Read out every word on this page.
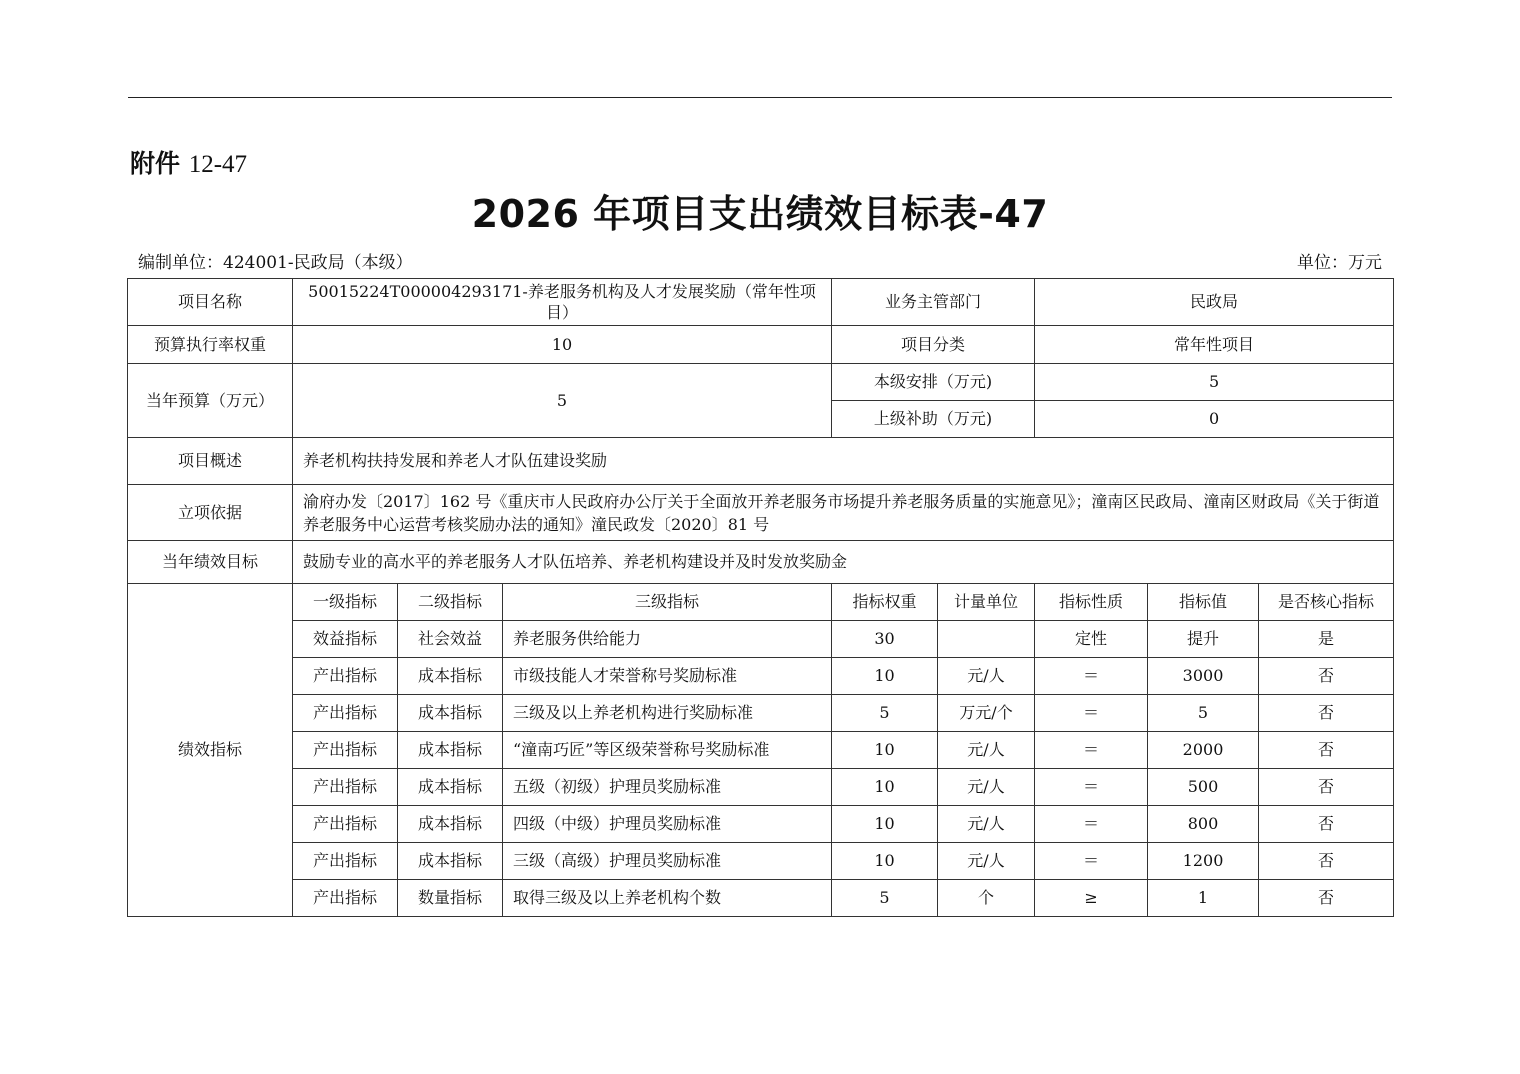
附件 12-47
2026 年项目支出绩效目标表-47
编制单位：424001-民政局（本级）	单位：万元
项目名称	50015224T000004293171-养老服务机构及人才发展奖励（常年性项目）			业务主管部门		民政局		
预算执行率权重	10			项目分类		常年性项目		
当年预算（万元）	5			本级安排（万元)		5		
				上级补助（万元)		0		
项目概述	养老机构扶持发展和养老人才队伍建设奖励							
立项依据	渝府办发〔2017〕162 号《重庆市人民政府办公厅关于全面放开养老服务市场提升养老服务质量的实施意见》；潼南区民政局、潼南区财政局《关于街道养老服务中心运营考核奖励办法的通知》潼民政发〔2020〕81 号							
当年绩效目标	鼓励专业的高水平的养老服务人才队伍培养、养老机构建设并及时发放奖励金							
绩效指标	一级指标	二级指标	三级指标	指标权重	计量单位	指标性质	指标值	是否核心指标
	效益指标	社会效益	养老服务供给能力	30		定性	提升	是
	产出指标	成本指标	市级技能人才荣誉称号奖励标准	10	元/人	＝	3000	否
	产出指标	成本指标	三级及以上养老机构进行奖励标准	5	万元/个	＝	5	否
	产出指标	成本指标	“潼南巧匠”等区级荣誉称号奖励标准	10	元/人	＝	2000	否
	产出指标	成本指标	五级（初级）护理员奖励标准	10	元/人	＝	500	否
	产出指标	成本指标	四级（中级）护理员奖励标准	10	元/人	＝	800	否
	产出指标	成本指标	三级（高级）护理员奖励标准	10	元/人	＝	1200	否
	产出指标	数量指标	取得三级及以上养老机构个数	5	个	≥	1	否
